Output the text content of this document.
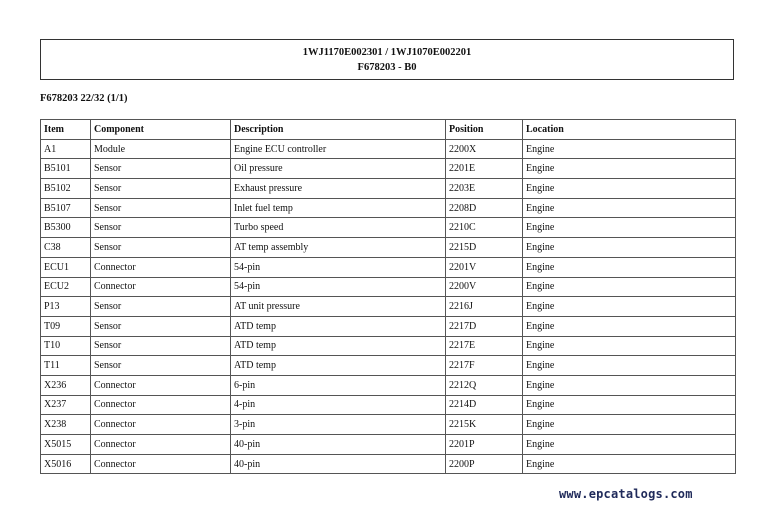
1WJ1170E002301 / 1WJ1070E002201
F678203 - B0
F678203 22/32 (1/1)
Item	Component	Description	Position	Location
A1	Module	Engine ECU controller	2200X	Engine
B5101	Sensor	Oil pressure	2201E	Engine
B5102	Sensor	Exhaust pressure	2203E	Engine
B5107	Sensor	Inlet fuel temp	2208D	Engine
B5300	Sensor	Turbo speed	2210C	Engine
C38	Sensor	AT temp assembly	2215D	Engine
ECU1	Connector	54-pin	2201V	Engine
ECU2	Connector	54-pin	2200V	Engine
P13	Sensor	AT unit pressure	2216J	Engine
T09	Sensor	ATD temp	2217D	Engine
T10	Sensor	ATD temp	2217E	Engine
T11	Sensor	ATD temp	2217F	Engine
X236	Connector	6-pin	2212Q	Engine
X237	Connector	4-pin	2214D	Engine
X238	Connector	3-pin	2215K	Engine
X5015	Connector	40-pin	2201P	Engine
X5016	Connector	40-pin	2200P	Engine
www.epcatalogs.com
